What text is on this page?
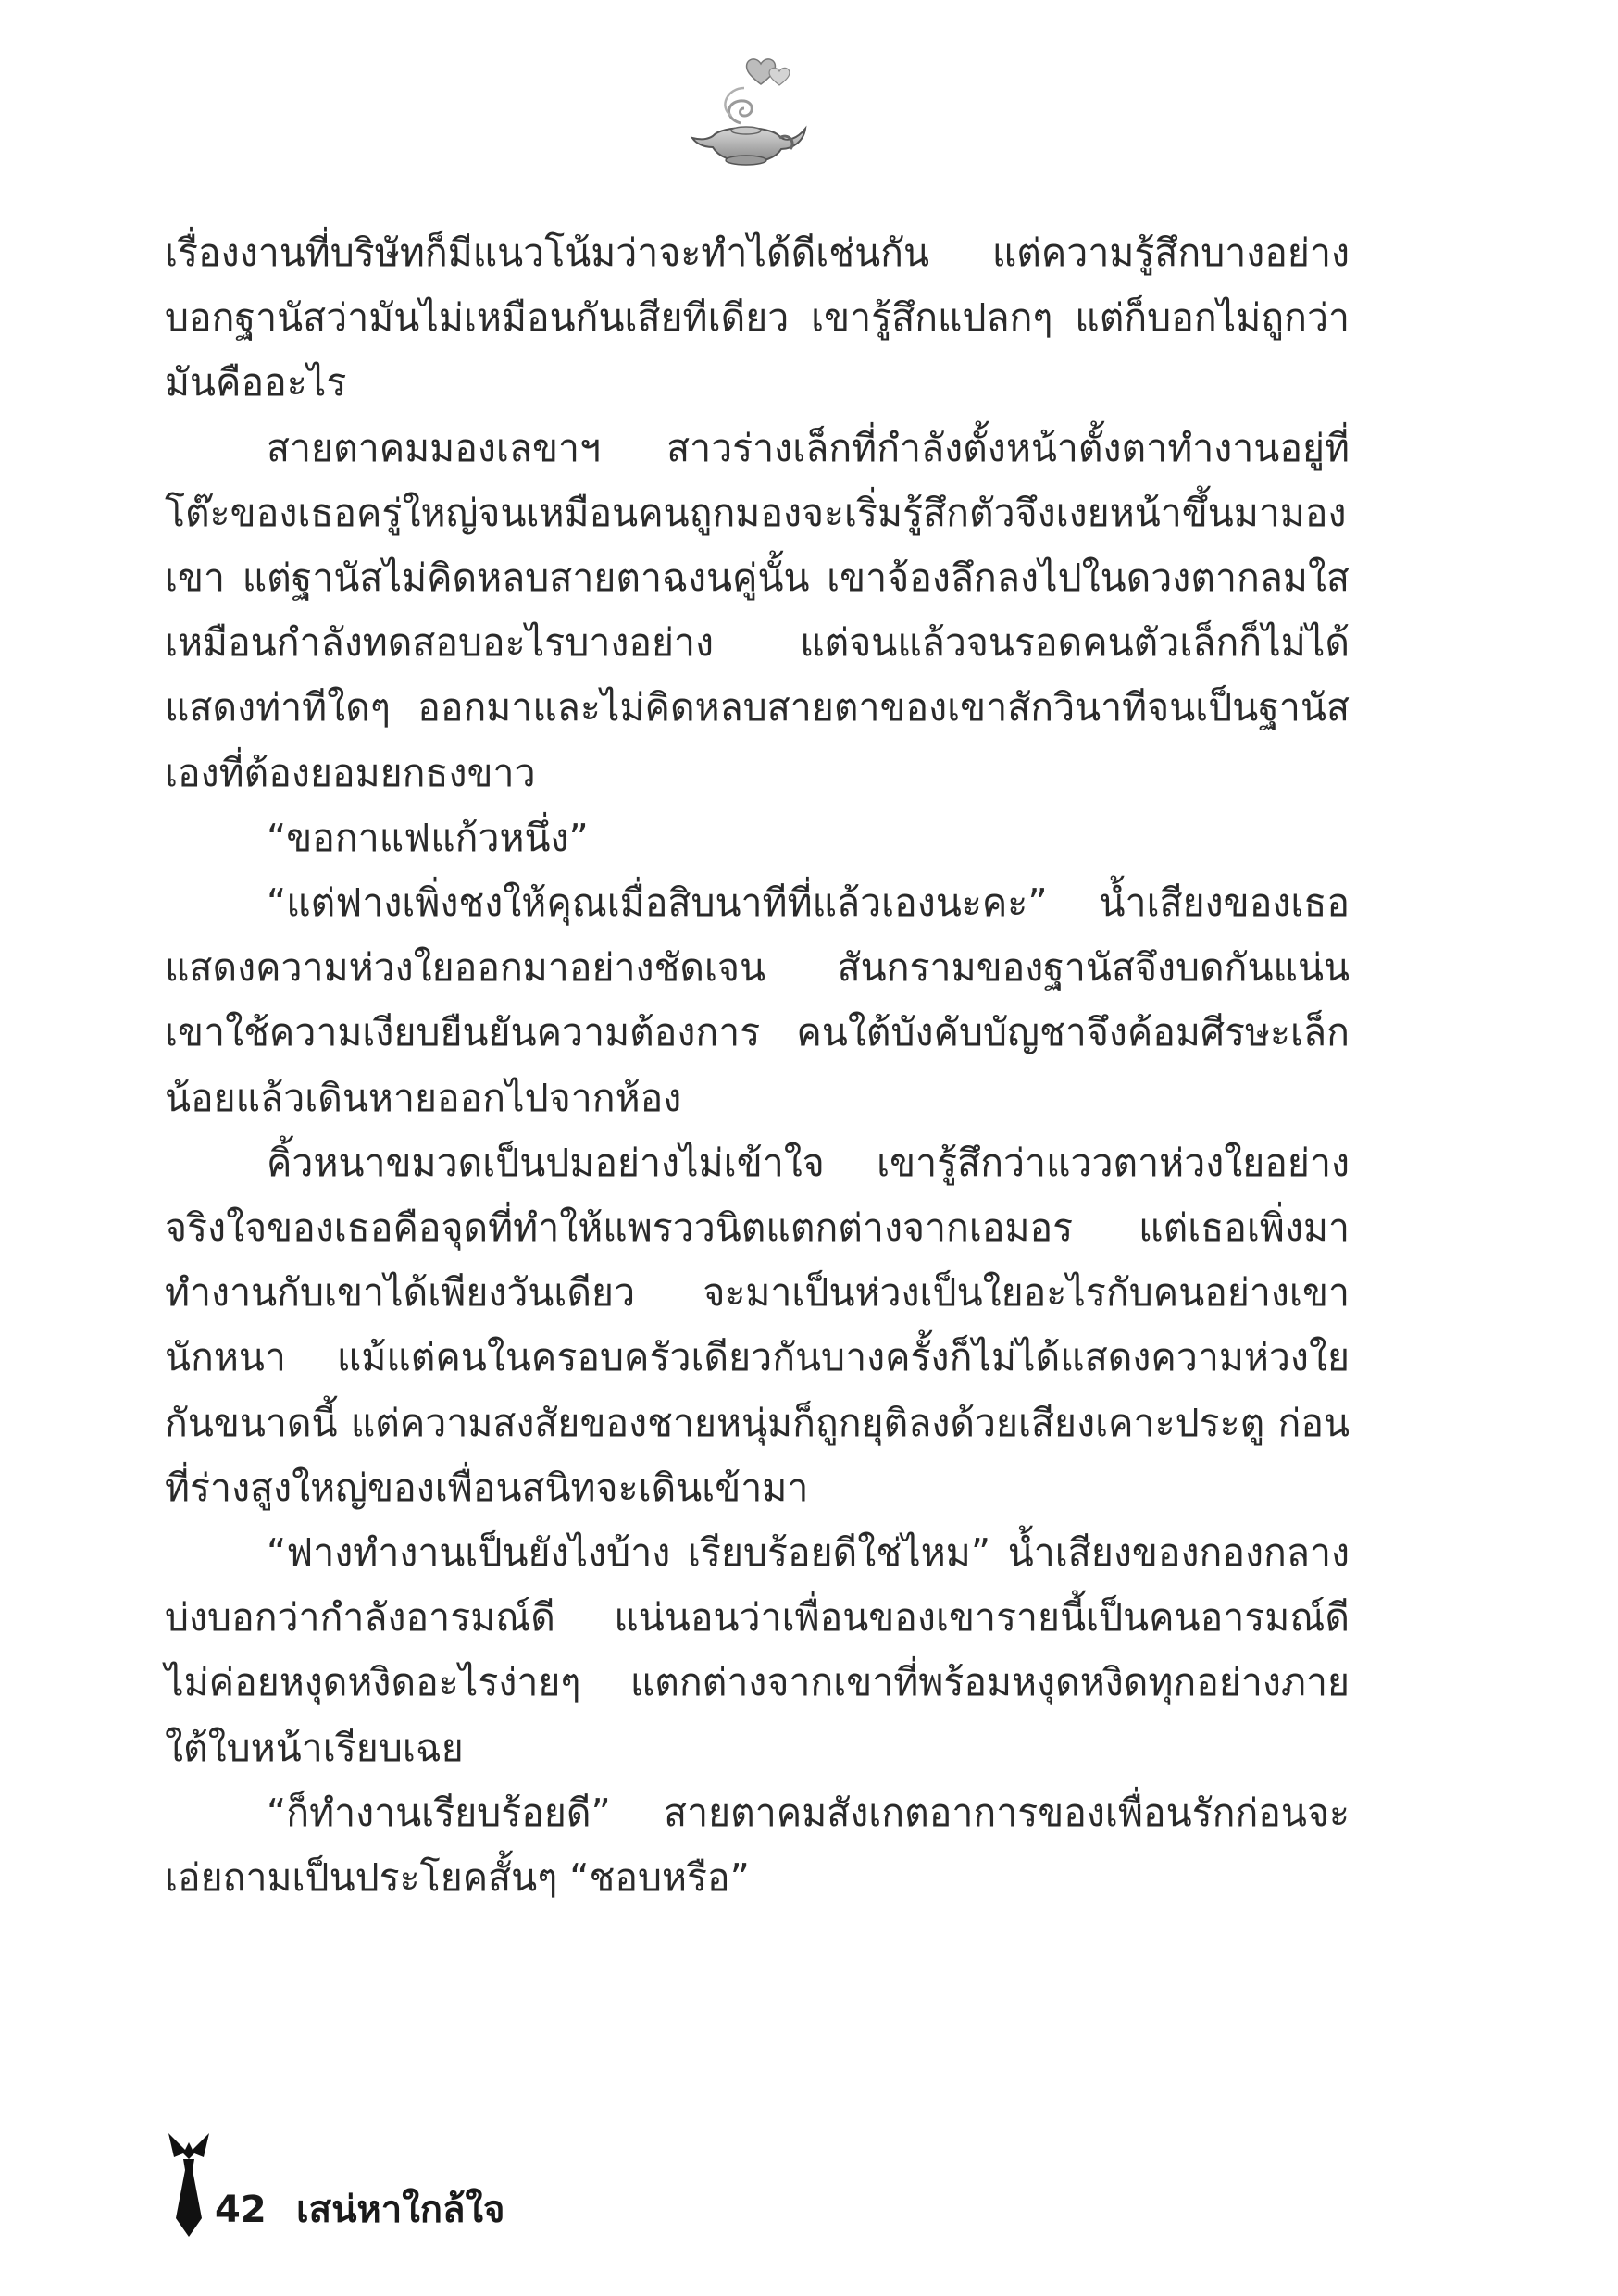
เรื่องงานที่บริษัทก็มีแนวโน้มว่าจะทำได้ดีเช่นกัน แต่ความรู้สึกบางอย่างบอกฐานัสว่ามันไม่เหมือนกันเสียทีเดียว เขารู้สึกแปลกๆ แต่ก็บอกไม่ถูกว่ามันคืออะไร

สายตาคมมองเลขาฯ สาวร่างเล็กที่กำลังตั้งหน้าตั้งตาทำงานอยู่ที่โต๊ะของเธอครู่ใหญ่จนเหมือนคนถูกมองจะเริ่มรู้สึกตัวจึงเงยหน้าขึ้นมามองเขา แต่ฐานัสไม่คิดหลบสายตาฉงนคู่นั้น เขาจ้องลึกลงไปในดวงตากลมใสเหมือนกำลังทดสอบอะไรบางอย่าง แต่จนแล้วจนรอดคนตัวเล็กก็ไม่ได้แสดงท่าทีใดๆ ออกมาและไม่คิดหลบสายตาของเขาสักวินาทีจนเป็นฐานัสเองที่ต้องยอมยกธงขาว

“ขอกาแฟแก้วหนึ่ง”

“แต่ฟางเพิ่งชงให้คุณเมื่อสิบนาทีที่แล้วเองนะคะ” น้ำเสียงของเธอแสดงความห่วงใยออกมาอย่างชัดเจน สันกรามของฐานัสจึงบดกันแน่นเขาใช้ความเงียบยืนยันความต้องการ คนใต้บังคับบัญชาจึงค้อมศีรษะเล็กน้อยแล้วเดินหายออกไปจากห้อง

คิ้วหนาขมวดเป็นปมอย่างไม่เข้าใจ เขารู้สึกว่าแววตาห่วงใยอย่างจริงใจของเธอคือจุดที่ทำให้แพรววนิตแตกต่างจากเอมอร แต่เธอเพิ่งมาทำงานกับเขาได้เพียงวันเดียว จะมาเป็นห่วงเป็นใยอะไรกับคนอย่างเขานักหนา แม้แต่คนในครอบครัวเดียวกันบางครั้งก็ไม่ได้แสดงความห่วงใยกันขนาดนี้ แต่ความสงสัยของชายหนุ่มก็ถูกยุติลงด้วยเสียงเคาะประตู ก่อนที่ร่างสูงใหญ่ของเพื่อนสนิทจะเดินเข้ามา

“ฟางทำงานเป็นยังไงบ้าง เรียบร้อยดีใช่ไหม” น้ำเสียงของกองกลางบ่งบอกว่ากำลังอารมณ์ดี แน่นอนว่าเพื่อนของเขารายนี้เป็นคนอารมณ์ดี ไม่ค่อยหงุดหงิดอะไรง่ายๆ แตกต่างจากเขาที่พร้อมหงุดหงิดทุกอย่างภายใต้ใบหน้าเรียบเฉย

“ก็ทำงานเรียบร้อยดี” สายตาคมสังเกตอาการของเพื่อนรักก่อนจะเอ่ยถามเป็นประโยคสั้นๆ “ชอบหรือ”

42 เสน่หาใกล้ใจ
